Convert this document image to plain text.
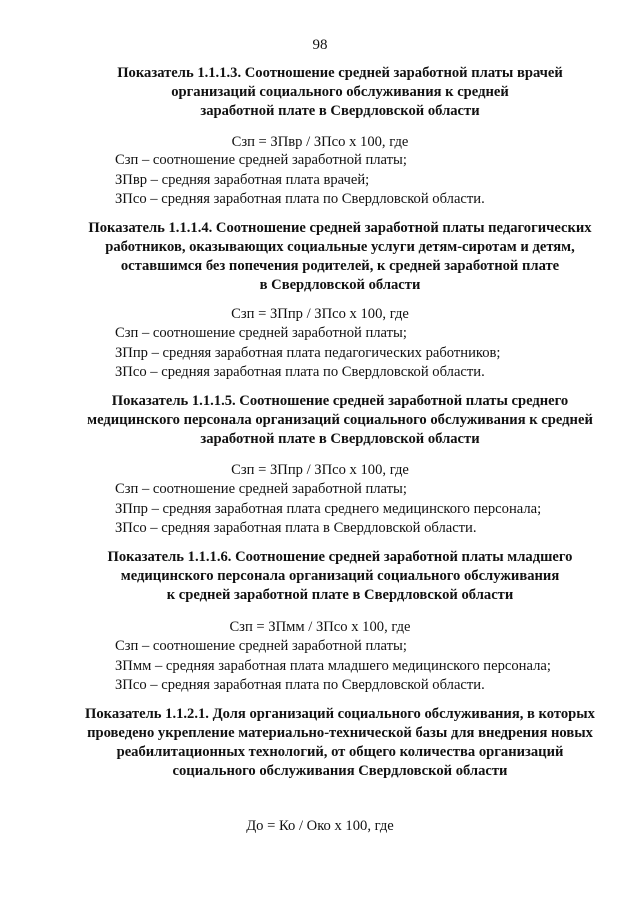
98
Показатель 1.1.1.3. Соотношение средней заработной платы врачей
организаций социального обслуживания к средней
заработной плате в Свердловской области
Сзп = ЗПвр / ЗПсо х 100, где
Сзп – соотношение средней заработной платы;
ЗПвр – средняя заработная плата врачей;
ЗПсо – средняя заработная плата по Свердловской области.
Показатель 1.1.1.4. Соотношение средней заработной платы педагогических
работников, оказывающих социальные услуги детям-сиротам и детям,
оставшимся без попечения родителей, к средней заработной плате
в Свердловской области
Сзп = ЗПпр / ЗПсо х 100, где
Сзп – соотношение средней заработной платы;
ЗПпр – средняя заработная плата педагогических работников;
ЗПсо – средняя заработная плата по Свердловской области.
Показатель 1.1.1.5. Соотношение средней заработной платы среднего
медицинского персонала организаций социального обслуживания к средней
заработной плате в Свердловской области
Сзп = ЗПпр / ЗПсо х 100, где
Сзп – соотношение средней заработной платы;
ЗПпр – средняя заработная плата среднего медицинского персонала;
ЗПсо – средняя заработная плата в Свердловской области.
Показатель 1.1.1.6. Соотношение средней заработной платы младшего
медицинского персонала организаций социального обслуживания
к средней заработной плате в Свердловской области
Сзп = ЗПмм / ЗПсо х 100, где
Сзп – соотношение средней заработной платы;
ЗПмм – средняя заработная плата младшего медицинского персонала;
ЗПсо – средняя заработная плата по Свердловской области.
Показатель 1.1.2.1. Доля организаций социального обслуживания, в которых
проведено укрепление материально-технической базы для внедрения новых
реабилитационных технологий, от общего количества организаций
социального обслуживания Свердловской области
До = Ко / Око х 100, где
